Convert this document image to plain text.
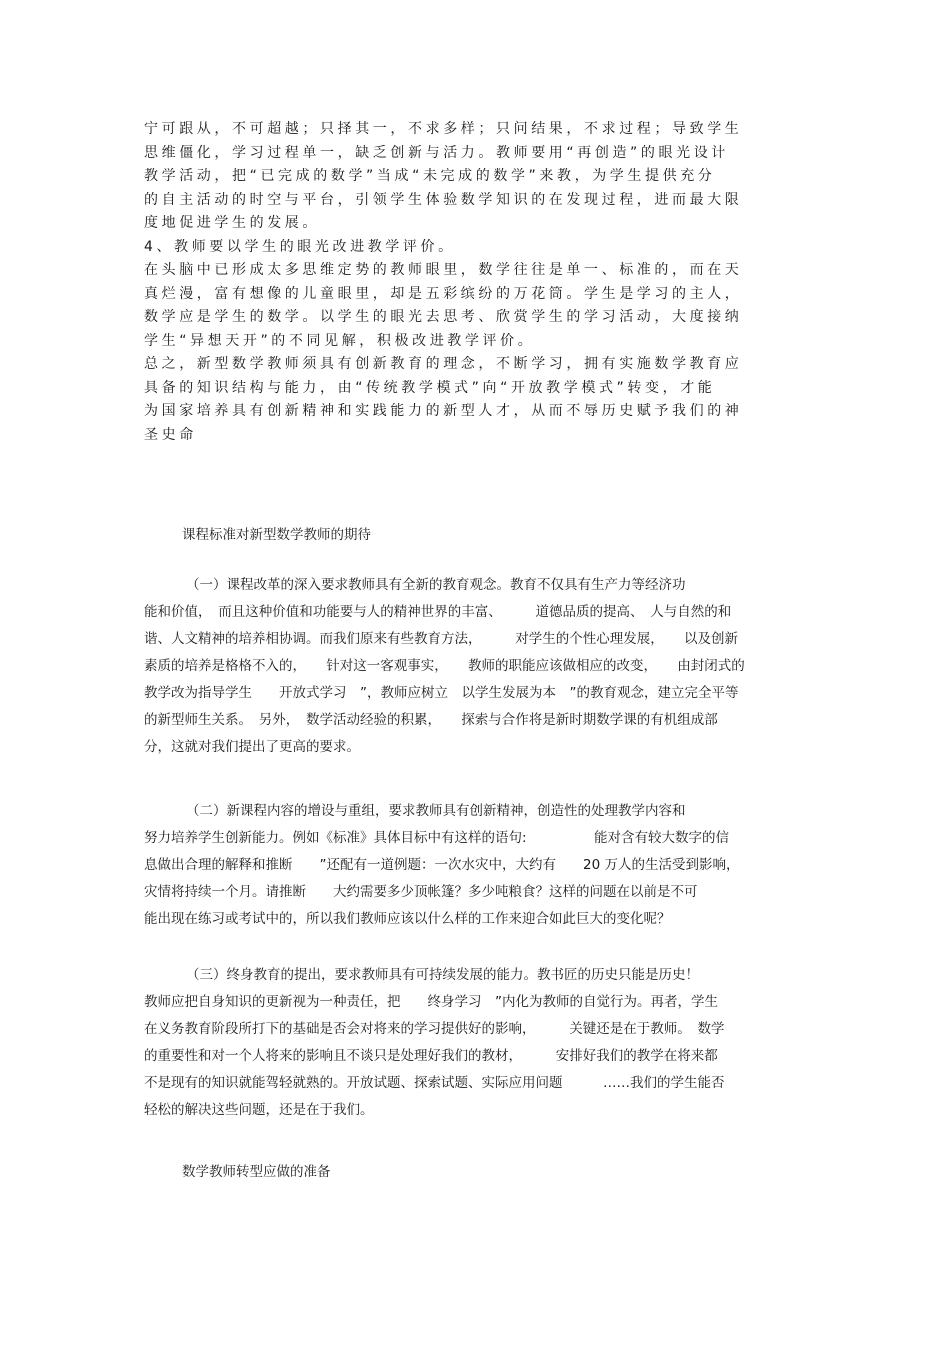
宁可跟从，不可超越；只择其一，不求多样；只问结果，不求过程；导致学生

思维僵化，学习过程单一，缺乏创新与活力。教师要用“再创造”的眼光设计

教学活动，把“已完成的数学”当成“未完成的数学”来教，为学生提供充分

的自主活动的时空与平台，引领学生体验数学知识的在发现过程，进而最大限

度地促进学生的发展。

4、教师要以学生的眼光改进教学评价。

在头脑中已形成太多思维定势的教师眼里，数学往往是单一、标准的，而在天

真烂漫，富有想像的儿童眼里，却是五彩缤纷的万花筒。学生是学习的主人，

数学应是学生的数学。以学生的眼光去思考、欣赏学生的学习活动，大度接纳

学生“异想天开”的不同见解，积极改进教学评价。

总之，新型数学教师须具有创新教育的理念，不断学习，拥有实施数学教育应

具备的知识结构与能力，由“传统教学模式”向“开放教学模式”转变，才能

为国家培养具有创新精神和实践能力的新型人才，从而不辱历史赋予我们的神

圣史命

课程标准对新型数学教师的期待

（一）课程改革的深入要求教师具有全新的教育观念。教育不仅具有生产力等经济功

能和价值，　而且这种价值和功能要与人的精神世界的丰富、　　　道德品质的提高、　人与自然的和

谐、人文精神的培养相协调。而我们原来有些教育方法，　　　对学生的个性心理发展，　　以及创新

素质的培养是格格不入的，　　针对这一客观事实，　　教师的职能应该做相应的改变，　　由封闭式的

教学改为指导学生　　开放式学习　”，教师应树立　以学生发展为本　”的教育观念，建立完全平等

的新型师生关系。　另外，　数学活动经验的积累，　　探索与合作将是新时期数学课的有机组成部

分，这就对我们提出了更高的要求。

（二）新课程内容的增设与重组，要求教师具有创新精神，创造性的处理教学内容和

努力培养学生创新能力。例如《标准》具体目标中有这样的语句:　　　　　能对含有较大数字的信

息做出合理的解释和推断　　”还配有一道例题：一次水灾中，大约有　　20 万人的生活受到影响，

灾情将持续一个月。请推断　　大约需要多少顶帐篷？多少吨粮食？这样的问题在以前是不可

能出现在练习或考试中的，所以我们教师应该以什么样的工作来迎合如此巨大的变化呢？

（三）终身教育的提出，要求教师具有可持续发展的能力。教书匠的历史只能是历史！

教师应把自身知识的更新视为一种责任，把　　终身学习　”内化为教师的自觉行为。再者，学生

在义务教育阶段所打下的基础是否会对将来的学习提供好的影响，　　　关键还是在于教师。　数学

的重要性和对一个人将来的影响且不谈只是处理好我们的教材，　　　安排好我们的教学在将来都

不是现有的知识就能驾轻就熟的。开放试题、探索试题、实际应用问题　　　……我们的学生能否

轻松的解决这些问题，还是在于我们。

数学教师转型应做的准备
